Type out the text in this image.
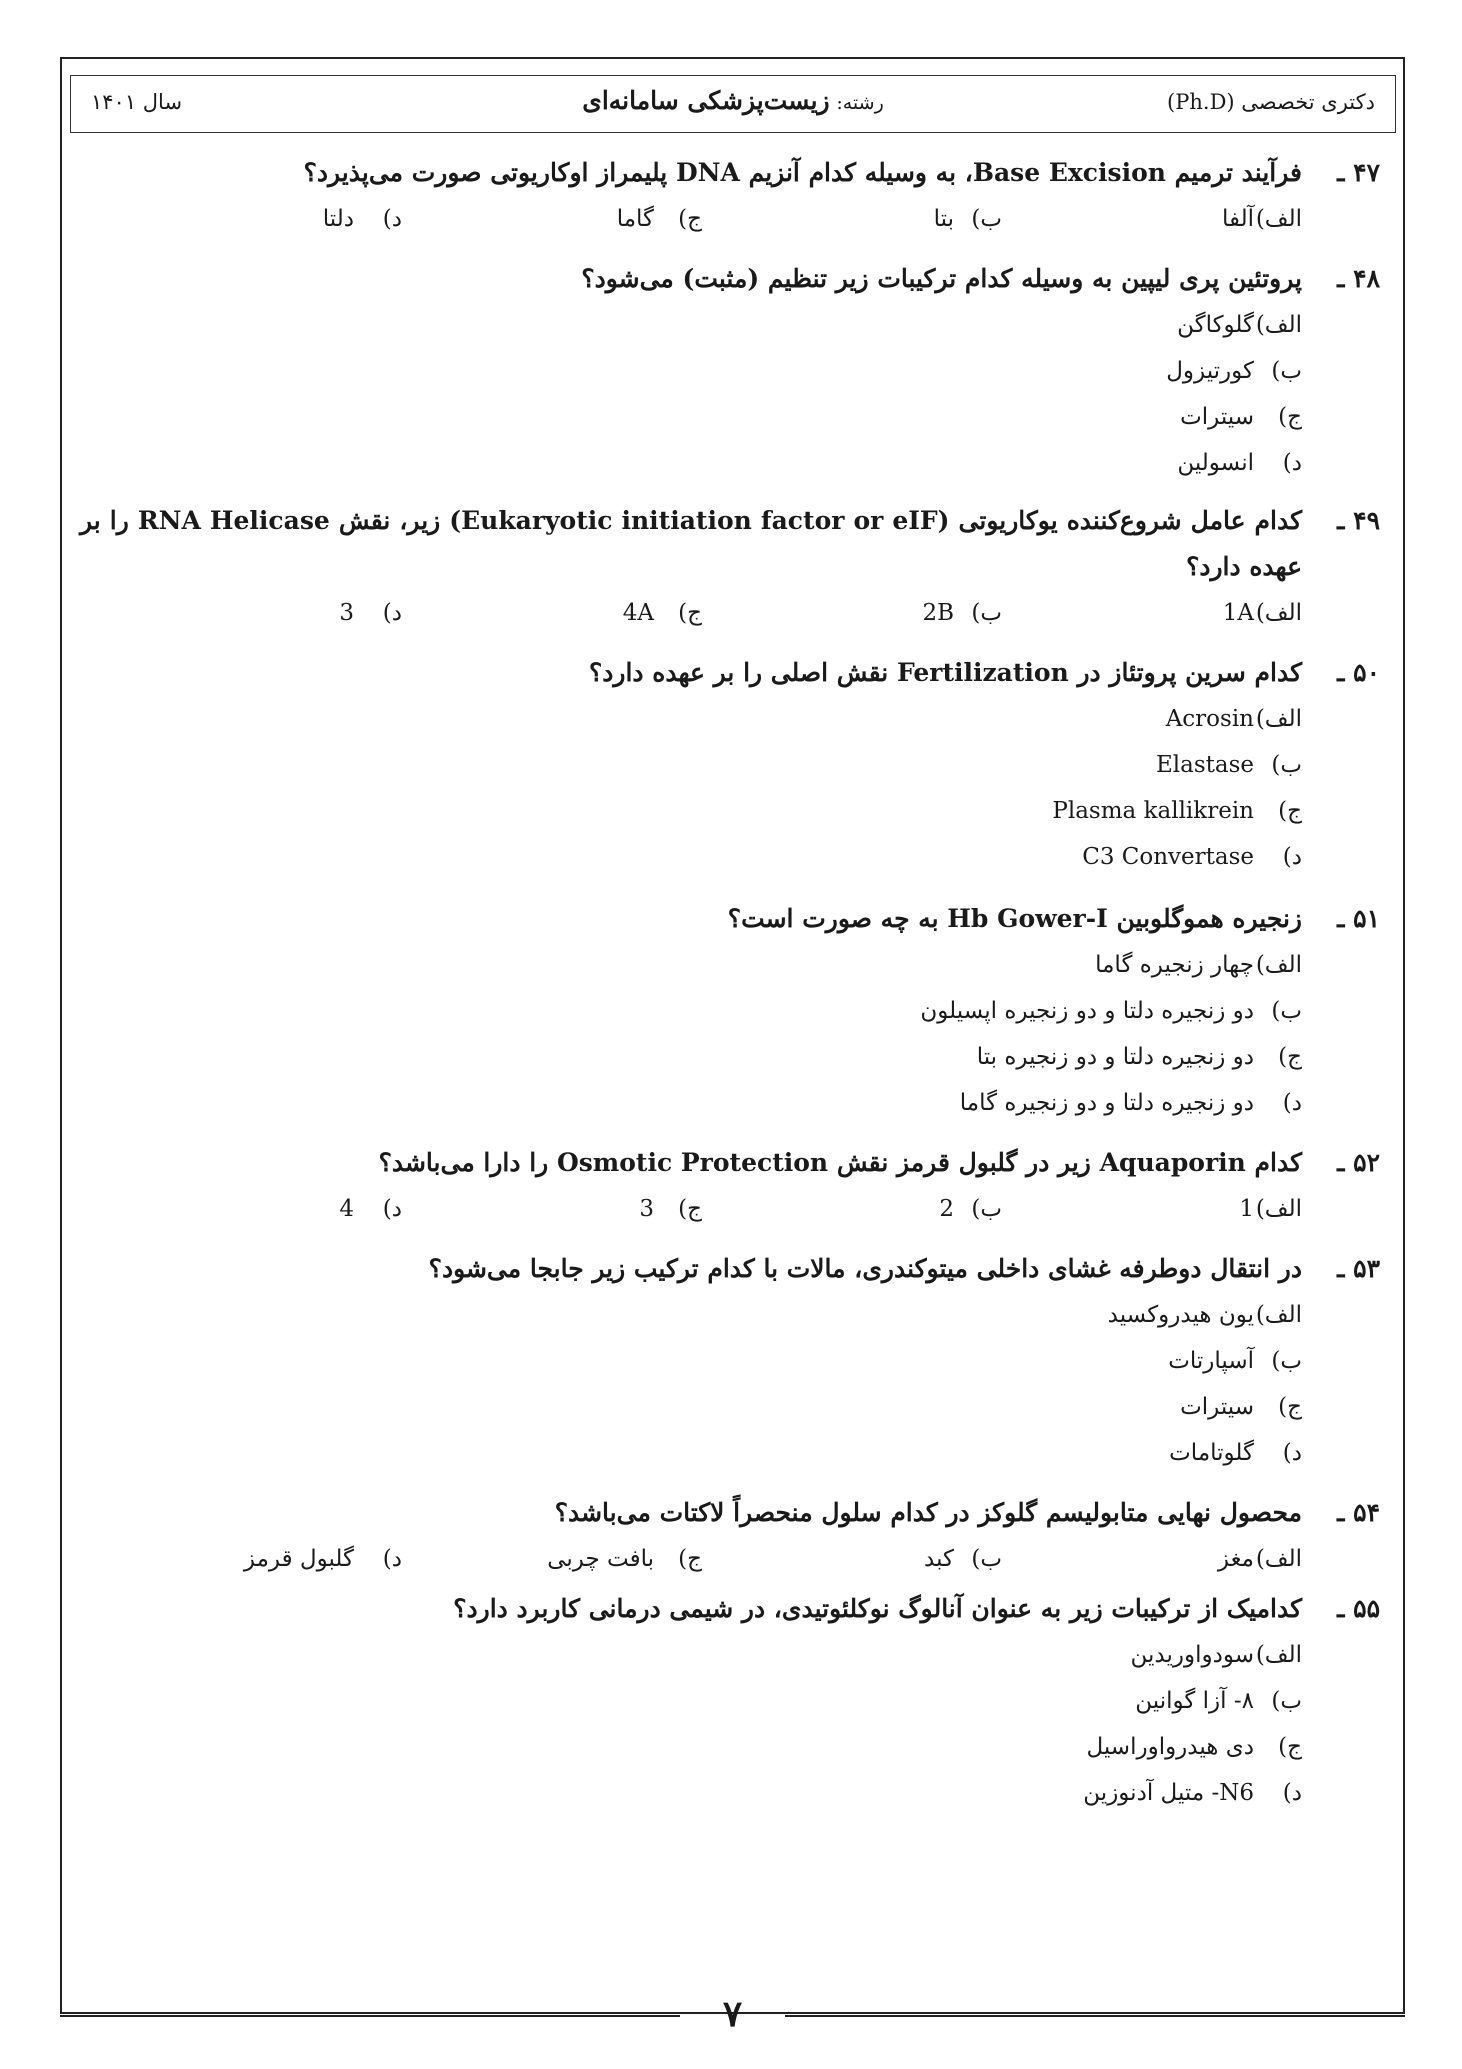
دکتری تخصصی (Ph.D)
رشته: زیست‌پزشکی سامانه‌ای
سال ۱۴۰۱
۴۷ ـ
فرآیند ترمیم Base Excision، به وسیله کدام آنزیم DNA پلیمراز اوکاریوتی صورت می‌پذیرد؟
الف)آلفا
ب)بتا
ج)گاما
د)دلتا
۴۸ ـ
پروتئین پری لیپین به وسیله کدام ترکیبات زیر تنظیم (مثبت) می‌شود؟
الف)گلوکاگن
ب)کورتیزول
ج)سیترات
د)انسولین
۴۹ ـ
کدام عامل شروع‌کننده یوکاریوتی (Eukaryotic initiation factor or eIF) زیر، نقش RNA Helicase را بر عهده دارد؟
الف)1A
ب)2B
ج)4A
د)3
۵۰ ـ
کدام سرین پروتئاز در Fertilization نقش اصلی را بر عهده دارد؟
الف)Acrosin
ب)Elastase
ج)Plasma kallikrein
د)C3 Convertase
۵۱ ـ
زنجیره هموگلوبین Hb Gower-I به چه صورت است؟
الف)چهار زنجیره گاما
ب)دو زنجیره دلتا و دو زنجیره اپسیلون
ج)دو زنجیره دلتا و دو زنجیره بتا
د)دو زنجیره دلتا و دو زنجیره گاما
۵۲ ـ
کدام Aquaporin زیر در گلبول قرمز نقش Osmotic Protection را دارا می‌باشد؟
الف)1
ب)2
ج)3
د)4
۵۳ ـ
در انتقال دوطرفه غشای داخلی میتوکندری، مالات با کدام ترکیب زیر جابجا می‌شود؟
الف)یون هیدروکسید
ب)آسپارتات
ج)سیترات
د)گلوتامات
۵۴ ـ
محصول نهایی متابولیسم گلوکز در کدام سلول منحصراً لاکتات می‌باشد؟
الف)مغز
ب)کبد
ج)بافت چربی
د)گلبول قرمز
۵۵ ـ
کدامیک از ترکیبات زیر به عنوان آنالوگ نوکلئوتیدی، در شیمی درمانی کاربرد دارد؟
الف)سودواوریدین
ب)۸- آزا گوانین
ج)دی هیدرواوراسیل
د)N6- متیل آدنوزین
۷
